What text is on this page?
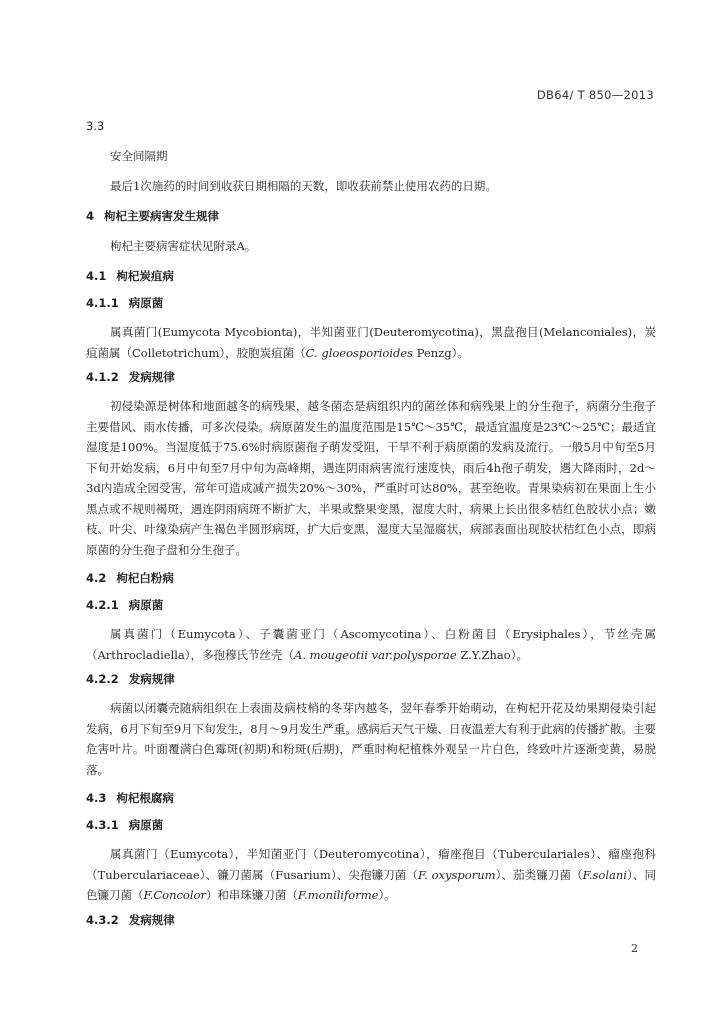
DB64/ T 850—2013

3.3

安全间隔期

最后1次施药的时间到收获日期相隔的天数，即收获前禁止使用农药的日期。

4 枸杞主要病害发生规律

枸杞主要病害症状见附录A。

4.1 枸杞炭疽病

4.1.1 病原菌

属真菌门(Eumycota Mycobionta)，半知菌亚门(Deuteromycotina)，黑盘孢目(Melanconiales)，炭疽菌属（Colletotrichum），胶胞炭疽菌（C. gloeosporioides Penzg）。

4.1.2 发病规律

初侵染源是树体和地面越冬的病残果，越冬菌态是病组织内的菌丝体和病残果上的分生孢子，病菌分生孢子主要借风、雨水传播，可多次侵染。病原菌发生的温度范围是15℃～35℃，最适宜温度是23℃～25℃；最适宜湿度是100%。当湿度低于75.6%时病原菌孢子萌发受阻，干旱不利于病原菌的发病及流行。一般5月中旬至5月下旬开始发病，6月中旬至7月中旬为高峰期，遇连阴雨病害流行速度快，雨后4h孢子萌发，遇大降雨时，2d～3d内造成全园受害，常年可造成减产损失20%～30%，严重时可达80%，甚至绝收。青果染病初在果面上生小黑点或不规则褐斑，遇连阴雨病斑不断扩大，半果或整果变黑，湿度大时，病果上长出很多桔红色胶状小点；嫩枝、叶尖、叶缘染病产生褐色半圆形病斑，扩大后变黑，湿度大呈湿腐状，病部表面出现胶状桔红色小点，即病原菌的分生孢子盘和分生孢子。

4.2 枸杞白粉病

4.2.1 病原菌

属真菌门（Eumycota）、子囊菌亚门（Ascomycotina）、白粉菌目（Erysiphales），节丝壳属（Arthrocladiella），多孢穆氏节丝壳（A. mougeotii var.polysporae Z.Y.Zhao）。

4.2.2 发病规律

病菌以闭囊壳随病组织在上表面及病枝梢的冬芽内越冬，翌年春季开始萌动，在枸杞开花及幼果期侵染引起发病，6月下旬至9月下旬发生，8月～9月发生严重。感病后天气干燥、日夜温差大有利于此病的传播扩散。主要危害叶片。叶面覆满白色霉斑(初期)和粉斑(后期)，严重时枸杞植株外观呈一片白色，终致叶片逐渐变黄，易脱落。

4.3 枸杞根腐病

4.3.1 病原菌

属真菌门（Eumycota），半知菌亚门（Deuteromycotina），瘤座孢目（Tuberculariales）、瘤座孢科（Tuberculariaceae）、镰刀菌属（Fusarium）、尖孢镰刀菌（F. oxysporum）、茄类镰刀菌（F.solani）、同色镰刀菌（F.Concolor）和串珠镰刀菌（F.moniliforme）。

4.3.2 发病规律

2
